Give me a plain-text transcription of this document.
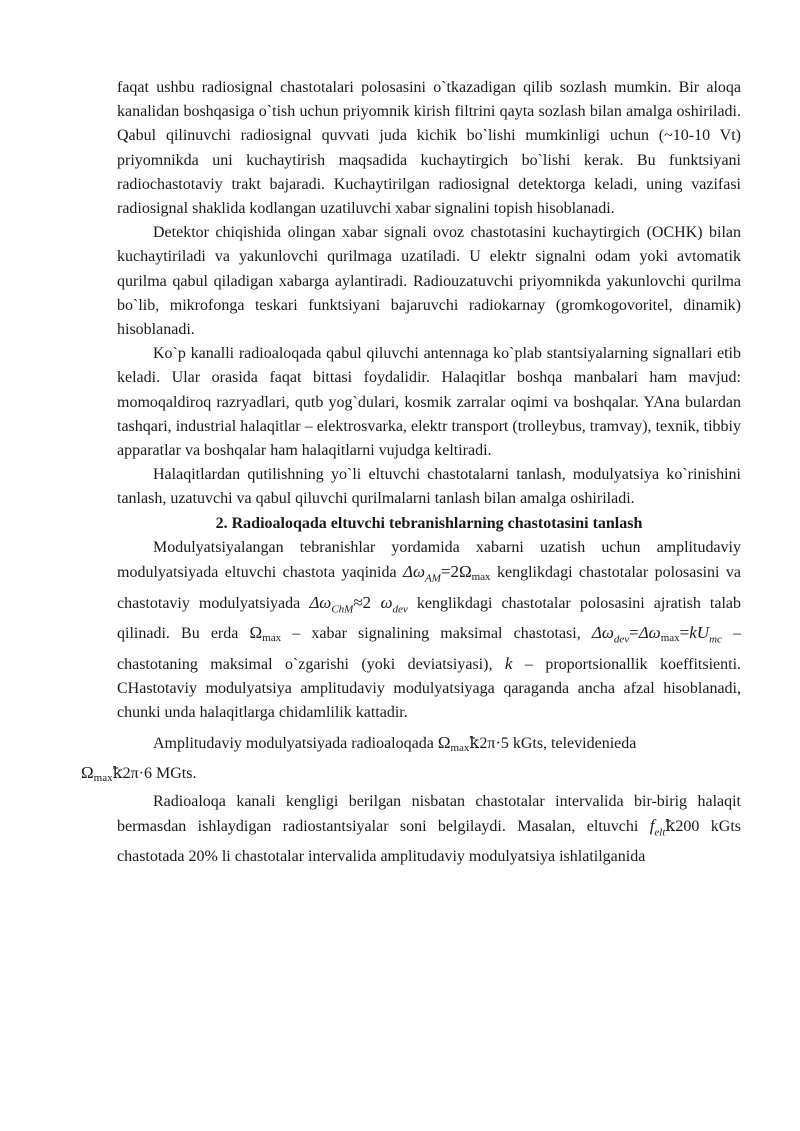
faqat ushbu radiosignal chastotalari polosasini o`tkazadigan qilib sozlash mumkin. Bir aloqa kanalidan boshqasiga o`tish uchun priyomnik kirish filtrini qayta sozlash bilan amalga oshiriladi. Qabul qilinuvchi radiosignal quvvati juda kichik bo`lishi mumkinligi uchun (~10-10 Vt) priyomnikda uni kuchaytirish maqsadida kuchaytirgich bo`lishi kerak. Bu funktsiyani radiochastotaviy trakt bajaradi. Kuchaytirilgan radiosignal detektorga keladi, uning vazifasi radiosignal shaklida kodlangan uzatiluvchi xabar signalini topish hisoblanadi.

Detektor chiqishida olingan xabar signali ovoz chastotasini kuchaytirgich (OCHK) bilan kuchaytiriladi va yakunlovchi qurilmaga uzatiladi. U elektr signalni odam yoki avtomatik qurilma qabul qiladigan xabarga aylantiradi. Radiouzatuvchi priyomnikda yakunlovchi qurilma bo`lib, mikrofonga teskari funktsiyani bajaruvchi radiokarnay (gromkogovoritel, dinamik) hisoblanadi.

Ko`p kanalli radioaloqada qabul qiluvchi antennaga ko`plab stantsiyalarning signallari etib keladi. Ular orasida faqat bittasi foydalidir. Halaqitlar boshqa manbalari ham mavjud: momoqaldiroq razryadlari, qutb yog`dulari, kosmik zarralar oqimi va boshqalar. YAna bulardan tashqari, industrial halaqitlar – elektrosvarka, elektr transport (trolleybus, tramvay), texnik, tibbiy apparatlar va boshqalar ham halaqitlarni vujudga keltiradi.

Halaqitlardan qutilishning yo`li eltuvchi chastotalarni tanlash, modulyatsiya ko`rinishini tanlash, uzatuvchi va qabul qiluvchi qurilmalarni tanlash bilan amalga oshiriladi.

2. Radioaloqada eltuvchi tebranishlarning chastotasini tanlash

Modulyatsiyalangan tebranishlar yordamida xabarni uzatish uchun amplitudaviy modulyatsiyada eltuvchi chastota yaqinida $\Delta\omega_{AM}=2\Omega\max$ kenglikdagi chastotalar polosasini va chastotaviy modulyatsiyada $\Delta\omega_{ChM}\approx 2$ $\omega_{dev}$ kenglikdagi chastotalar polosasini ajratish talab qilinadi. Bu erda Ωmax – xabar signalining maksimal chastotasi, $\Delta\omega_{dev}=\Delta\omega\max=kU_{mc}$ – chastotaning maksimal o`zgarishi (yoki deviatsiyasi), k – proportsionallik koeffitsienti. CHastotaviy modulyatsiya amplitudaviy modulyatsiyaga qaraganda ancha afzal hisoblanadi, chunki unda halaqitlarga chidamlilik kattadir.

Amplitudaviy modulyatsiyada radioaloqada Ωmaxꝁ2π·5 kGts, televidenieda
Ωmaxꝁ2π·6 MGts.

Radioaloqa kanali kengligi berilgan nisbatan chastotalar intervalida bir-birig halaqit bermasdan ishlaydigan radiostantsiyalar soni belgilaydi. Masalan, eltuvchi $f_{elt}ꝁ200$ kGts chastotada 20% li chastotalar intervalida amplitudaviy modulyatsiya ishlatilganida
